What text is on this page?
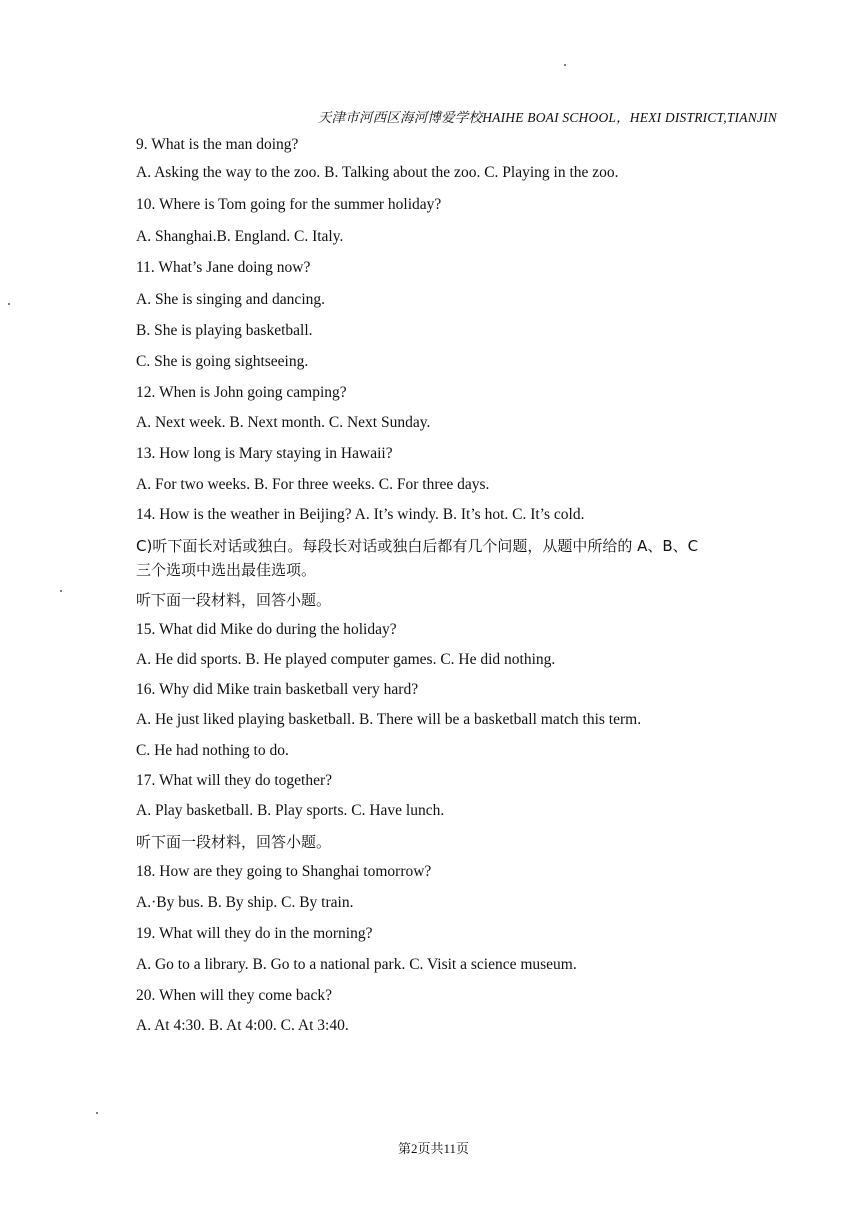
天津市河西区海河博爱学校HAIHE BOAI SCHOOL，HEXI DISTRICT,TIANJIN
9. What is the man doing?
A. Asking the way to the zoo. B. Talking about the zoo. C. Playing in the zoo.
10. Where is Tom going for the summer holiday?
A. Shanghai.B. England. C. Italy.
11. What’s Jane doing now?
A. She is singing and dancing.
B. She is playing basketball.
C. She is going sightseeing.
12. When is John going camping?
A. Next week. B. Next month. C. Next Sunday.
13. How long is Mary staying in Hawaii?
A. For two weeks. B. For three weeks. C. For three days.
14. How is the weather in Beijing? A. It’s windy. B. It’s hot. C. It’s cold.
C)听下面长对话或独白。每段长对话或独白后都有几个问题，从题中所给的 A、B、C
三个选项中选出最佳选项。
听下面一段材料，回答小题。
15. What did Mike do during the holiday?
A. He did sports. B. He played computer games. C. He did nothing.
16. Why did Mike train basketball very hard?
A. He just liked playing basketball. B. There will be a basketball match this term.
C. He had nothing to do.
17. What will they do together?
A. Play basketball. B. Play sports. C. Have lunch.
听下面一段材料，回答小题。
18. How are they going to Shanghai tomorrow?
A.·By bus. B. By ship. C. By train.
19. What will they do in the morning?
A. Go to a library. B. Go to a national park. C. Visit a science museum.
20. When will they come back?
A. At 4:30. B. At 4:00. C. At 3:40.
第2页共11页
